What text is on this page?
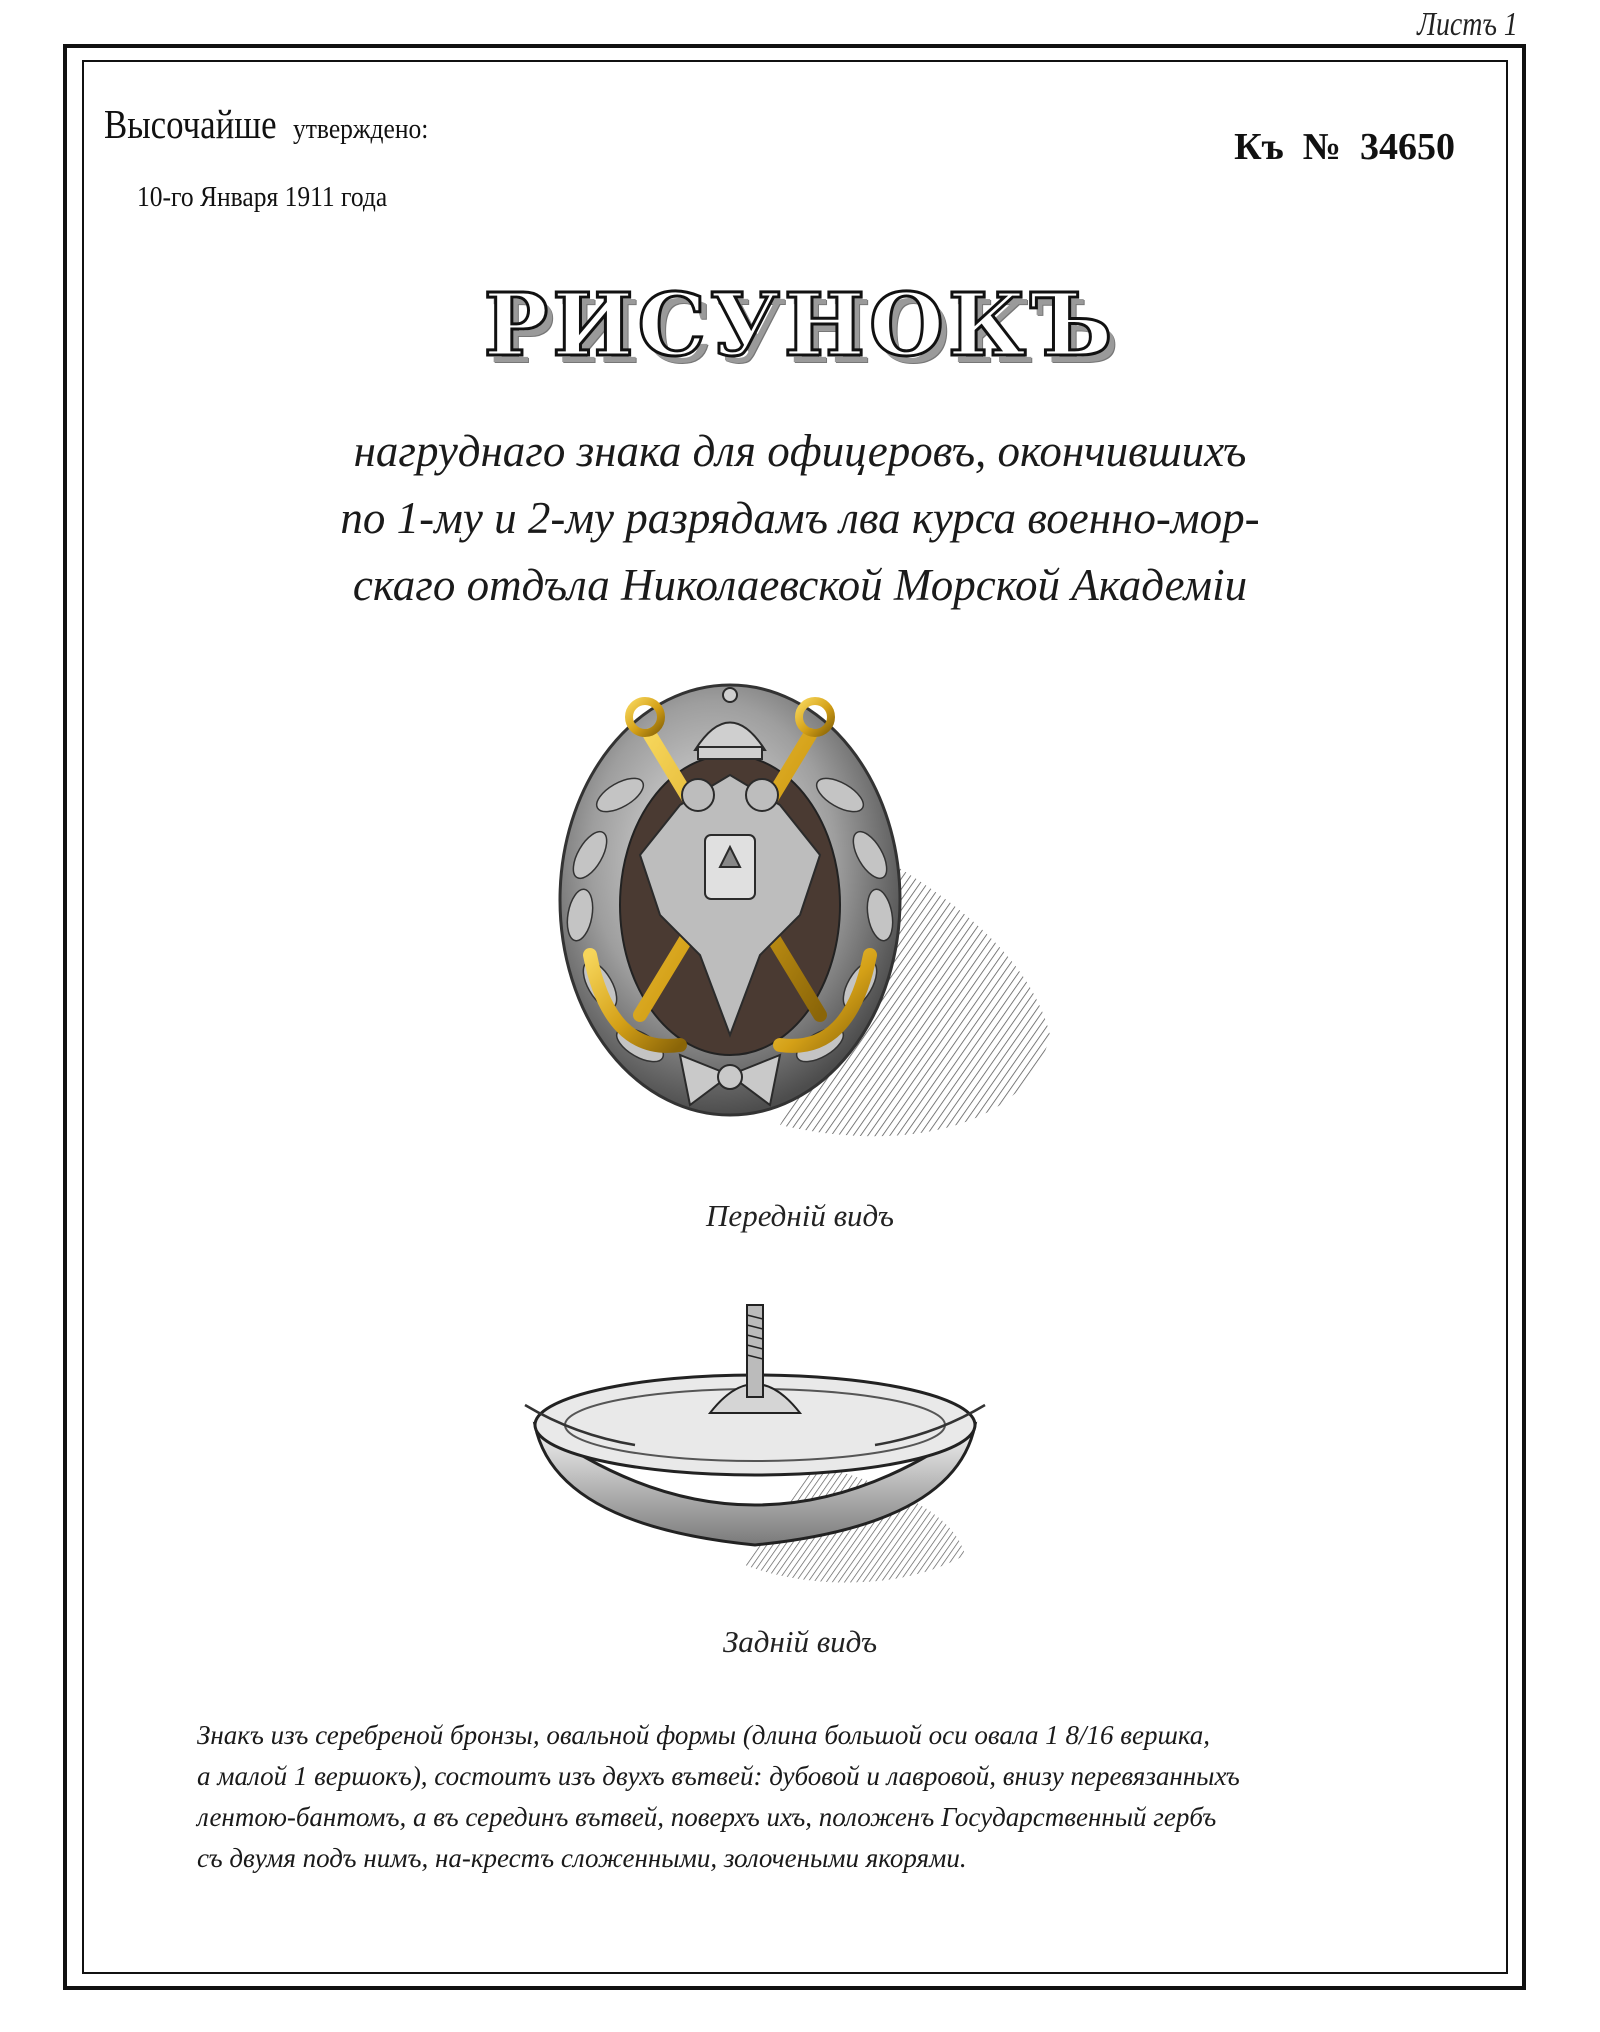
Листъ 1
Высочайше утверждено:
10-го Января 1911 года
Къ  №  34650
РИСУНОКЪ
нагруднаго знака для офицеровъ, окончившихъ
по 1-му и 2-му разрядамъ лва курса военно-мор-
скаго отдъла Николаевской Морской Академiи
Переднiй видъ
Заднiй видъ
Знакъ изъ серебреной бронзы, овальной формы (длина большой оси овала 1 8/16 вершка,
а малой 1 вершокъ), состоитъ изъ двухъ вътвей: дубовой и лавровой, внизу перевязанныхъ
лентою-бантомъ, а въ серединъ вътвей, поверхъ ихъ, положенъ Государственный гербъ
съ двумя подъ нимъ, на-крестъ сложенными, золочеными якорями.
